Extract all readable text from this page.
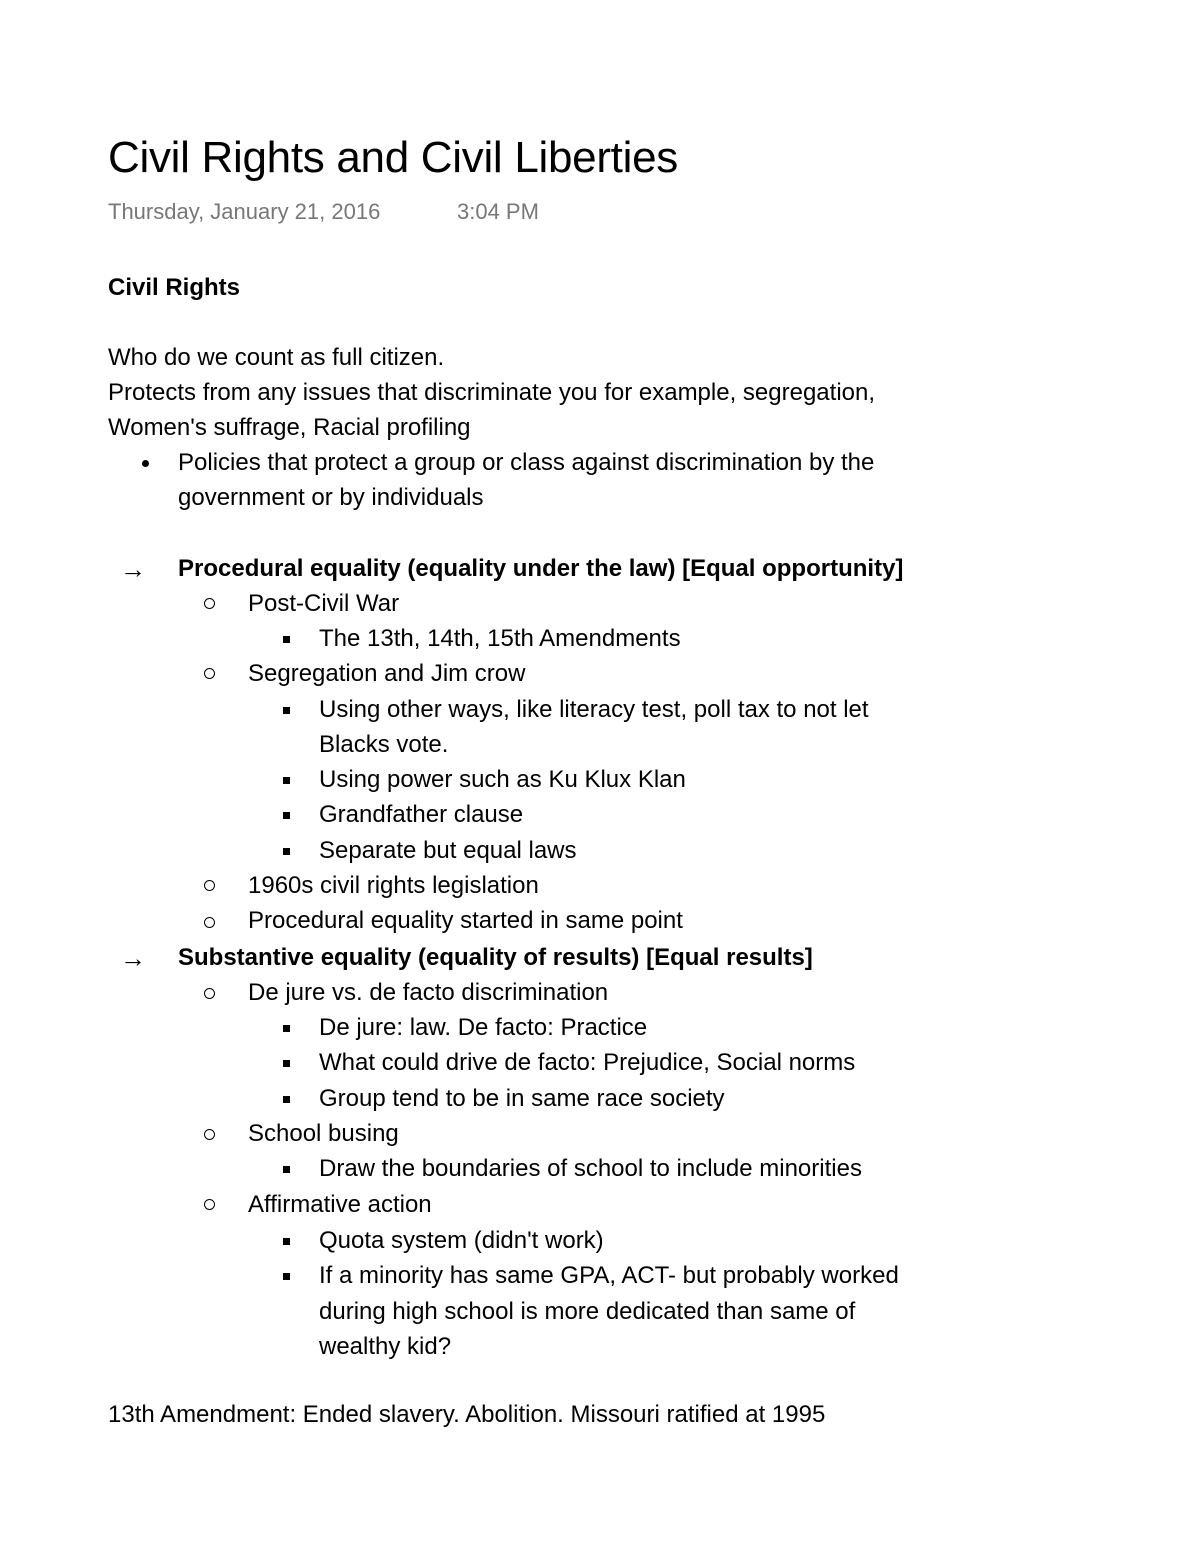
Civil Rights and Civil Liberties
Thursday, January 21, 2016	3:04 PM
Civil Rights
Who do we count as full citizen.
Protects from any issues that discriminate you for example, segregation,
Women's suffrage, Racial profiling
Policies that protect a group or class against discrimination by the
government or by individuals
→ Procedural equality (equality under the law) [Equal opportunity]
Post-Civil War
The 13th, 14th, 15th Amendments
Segregation and Jim crow
Using other ways, like literacy test, poll tax to not let
Blacks vote.
Using power such as Ku Klux Klan
Grandfather clause
Separate but equal laws
1960s civil rights legislation
Procedural equality started in same point
→ Substantive equality (equality of results) [Equal results]
De jure vs. de facto discrimination
De jure: law. De facto: Practice
What could drive de facto: Prejudice, Social norms
Group tend to be in same race society
School busing
Draw the boundaries of school to include minorities
Affirmative action
Quota system (didn't work)
If a minority has same GPA, ACT- but probably worked
during high school is more dedicated than same of
wealthy kid?
13th Amendment: Ended slavery. Abolition. Missouri ratified at 1995
